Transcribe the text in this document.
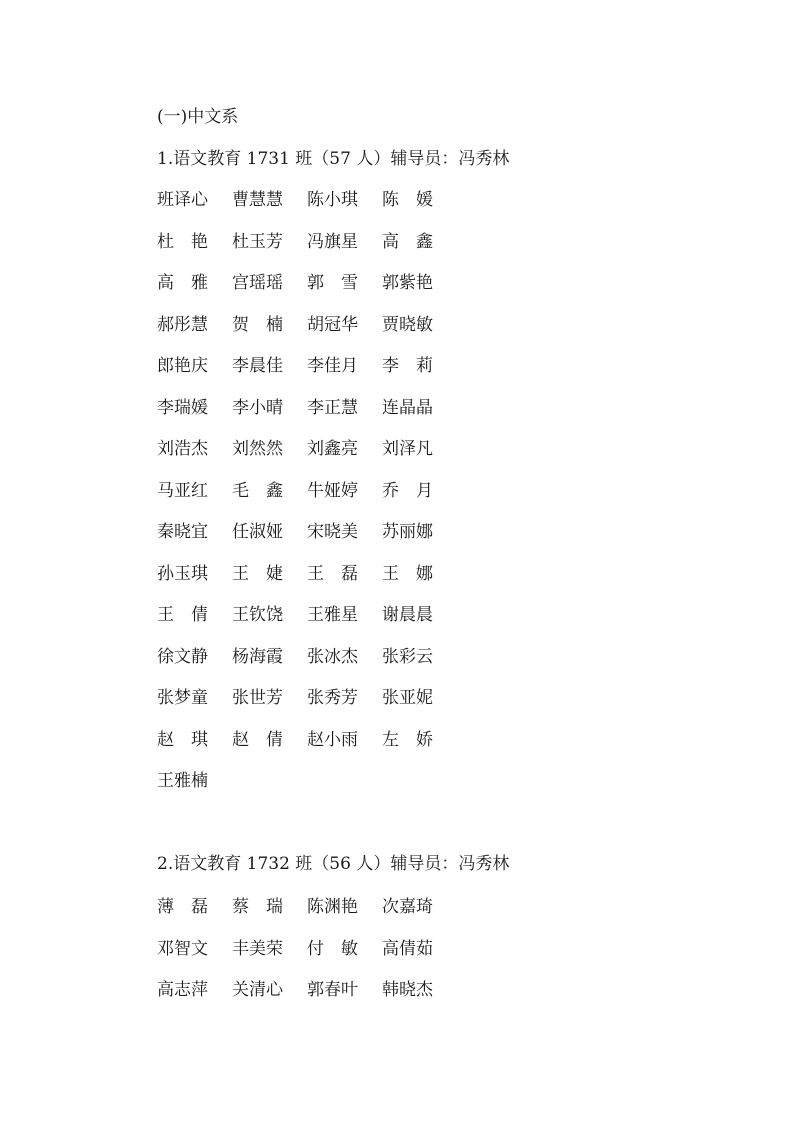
(一)中文系
1.语文教育 1731 班（57 人）辅导员：冯秀林
班译心	曹慧慧	陈小琪	陈　媛
杜　艳	杜玉芳	冯旗星	高　鑫
高　雅	宫瑶瑶	郭　雪	郭紫艳
郝彤慧	贺　楠	胡冠华	贾晓敏
郎艳庆	李晨佳	李佳月	李　莉
李瑞媛	李小晴	李正慧	连晶晶
刘浩杰	刘然然	刘鑫亮	刘泽凡
马亚红	毛　鑫	牛娅婷	乔　月
秦晓宜	任淑娅	宋晓美	苏丽娜
孙玉琪	王　婕	王　磊	王　娜
王　倩	王钦饶	王雅星	谢晨晨
徐文静	杨海霞	张冰杰	张彩云
张梦童	张世芳	张秀芳	张亚妮
赵　琪	赵　倩	赵小雨	左　娇
王雅楠
2.语文教育 1732 班（56 人）辅导员：冯秀林
薄　磊	蔡　瑞	陈渊艳	次嘉琦
邓智文	丰美荣	付　敏	高倩茹
高志萍	关清心	郭春叶	韩晓杰
